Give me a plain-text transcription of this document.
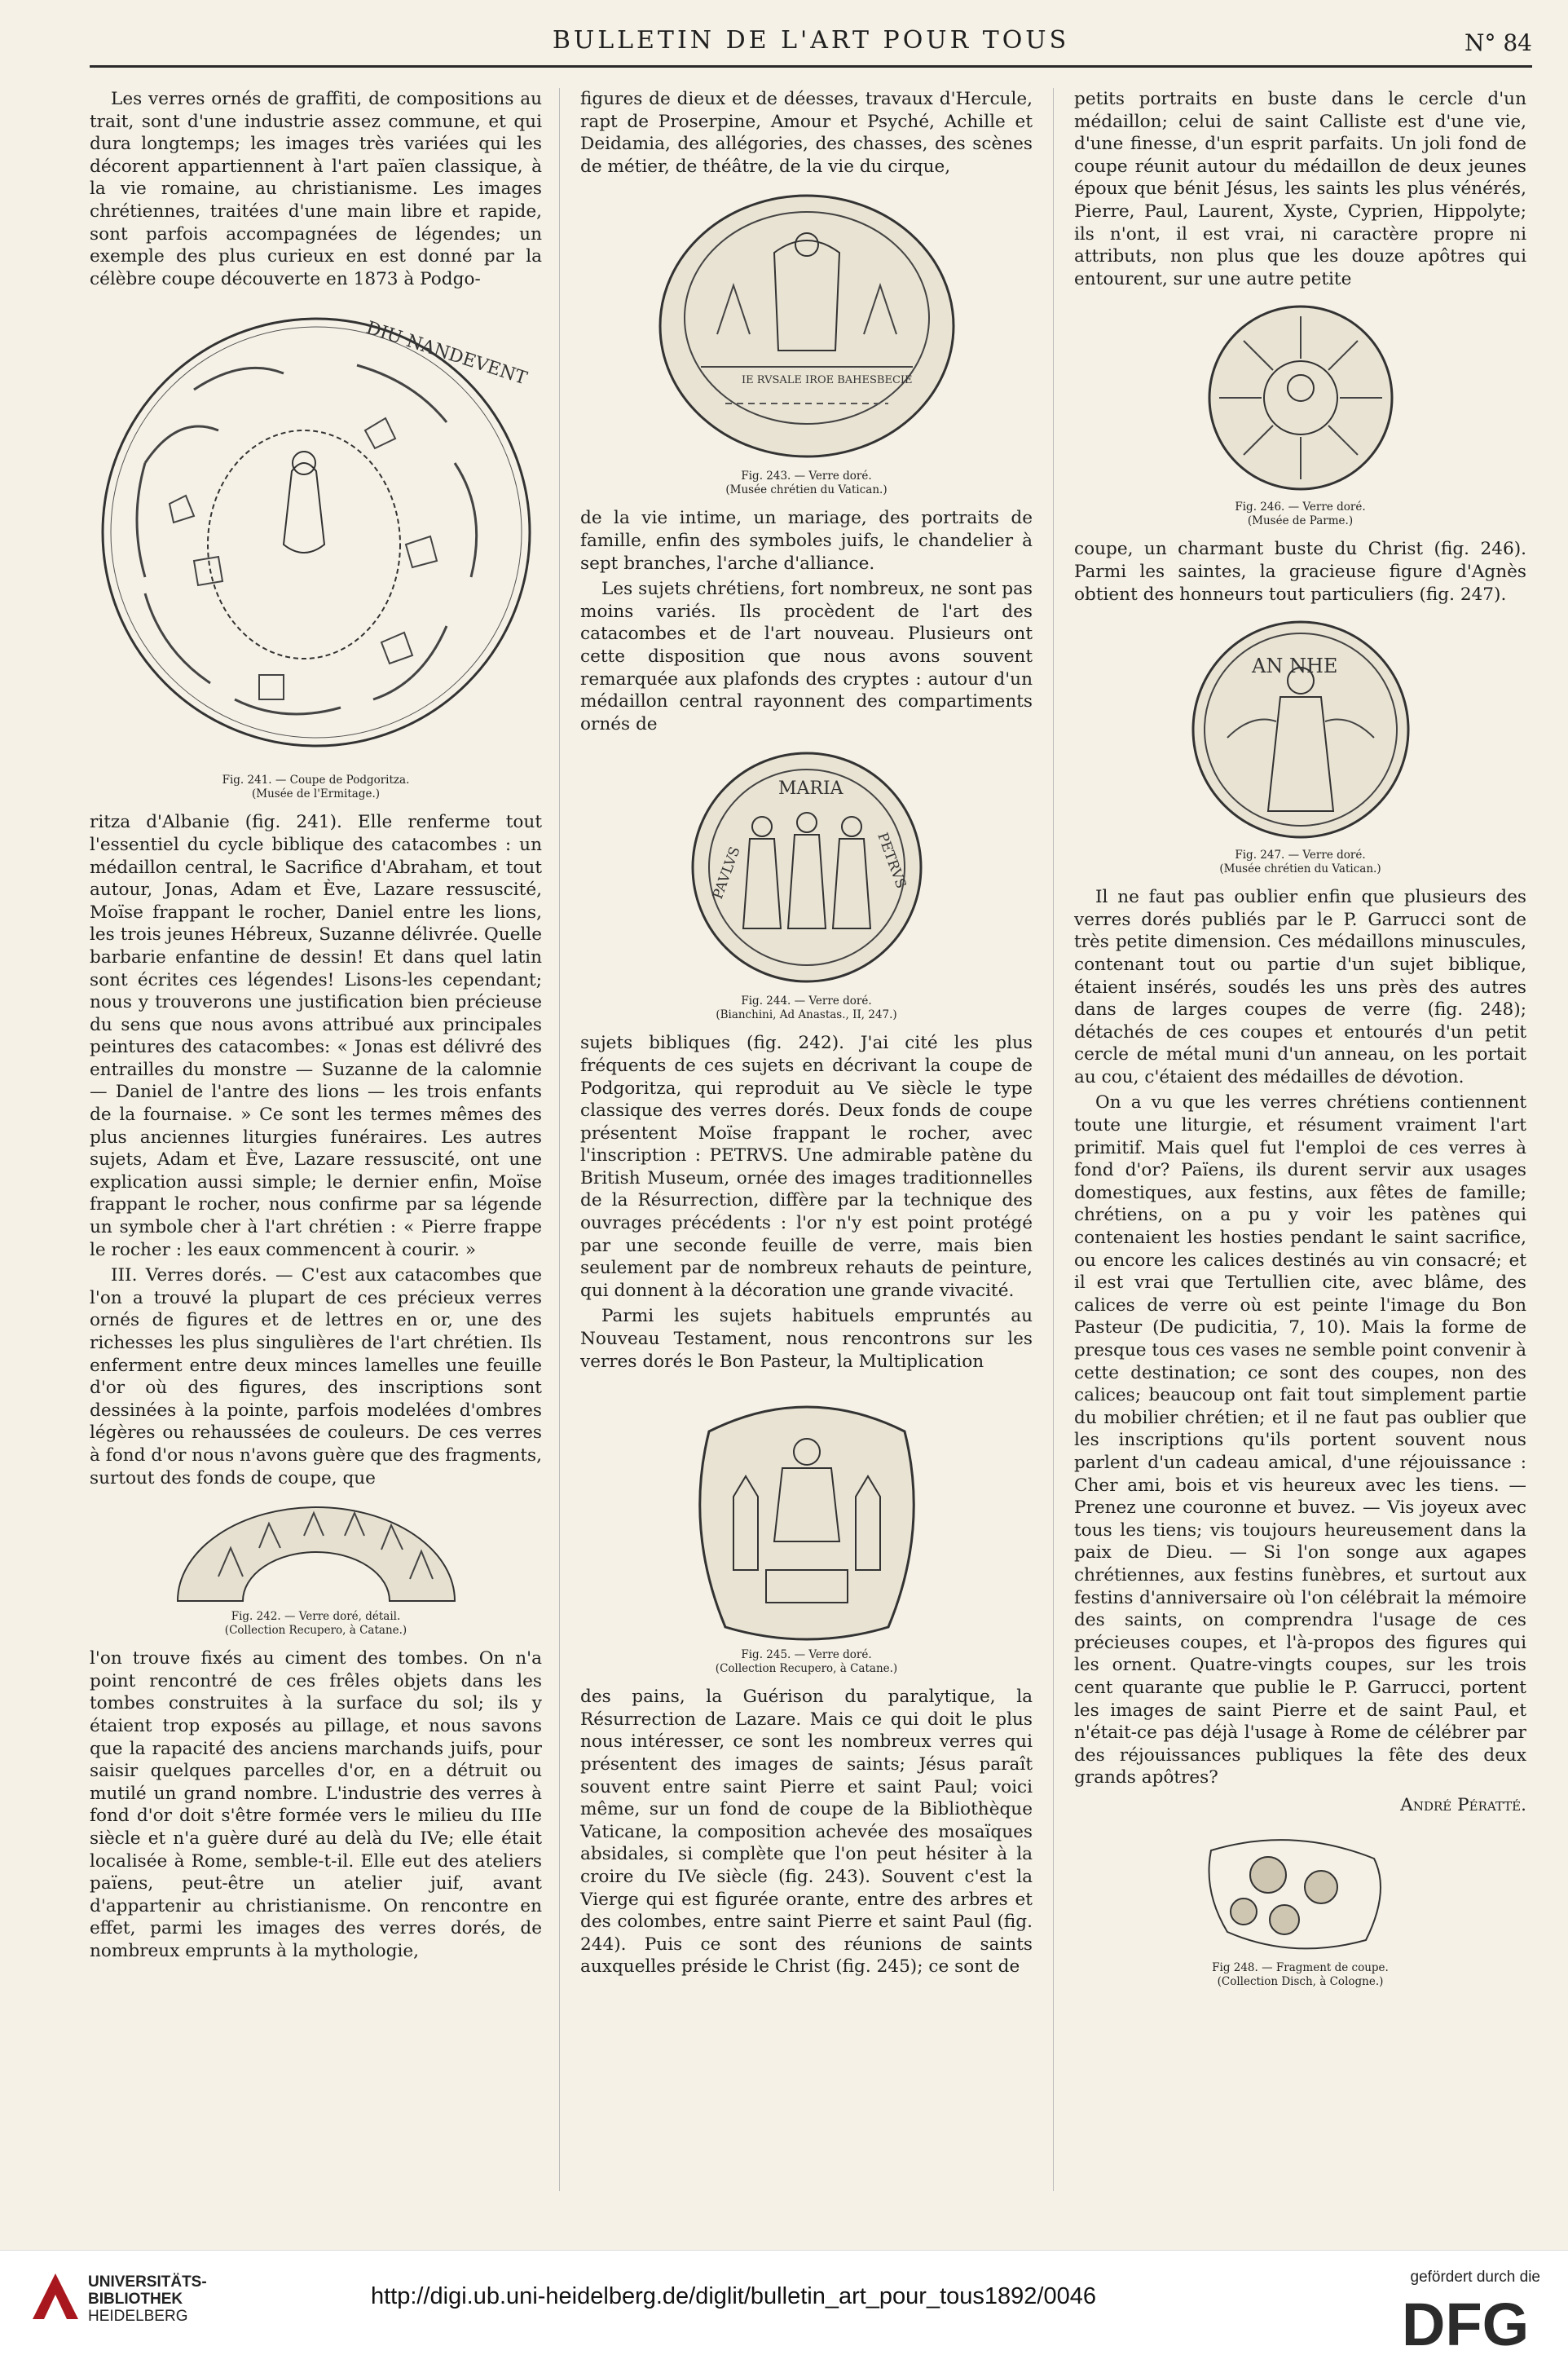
BULLETIN DE L'ART POUR TOUS	N° 84

Les verres ornés de graffiti, de compositions au trait, sont d'une industrie assez commune, et qui dura longtemps; les images très variées qui les décorent appartiennent à l'art païen classique, à la vie romaine, au christianisme. Les images chrétiennes, traitées d'une main libre et rapide, sont parfois accompagnées de légendes; un exemple des plus curieux en est donné par la célèbre coupe découverte en 1873 à Podgo-

DIU NANDEVENT
Fig. 241. — Coupe de Podgoritza.
(Musée de l'Ermitage.)

ritza d'Albanie (fig. 241). Elle renferme tout l'essentiel du cycle biblique des catacombes : un médaillon central, le Sacrifice d'Abraham, et tout autour, Jonas, Adam et Ève, Lazare ressuscité, Moïse frappant le rocher, Daniel entre les lions, les trois jeunes Hébreux, Suzanne délivrée. Quelle barbarie enfantine de dessin! Et dans quel latin sont écrites ces légendes! Lisons-les cependant; nous y trouverons une justification bien précieuse du sens que nous avons attribué aux principales peintures des catacombes: « Jonas est délivré des entrailles du monstre — Suzanne de la calomnie — Daniel de l'antre des lions — les trois enfants de la fournaise. » Ce sont les termes mêmes des plus anciennes liturgies funéraires. Les autres sujets, Adam et Ève, Lazare ressuscité, ont une explication aussi simple; le dernier enfin, Moïse frappant le rocher, nous confirme par sa légende un symbole cher à l'art chrétien : « Pierre frappe le rocher : les eaux commencent à courir. »

III. Verres dorés. — C'est aux catacombes que l'on a trouvé la plupart de ces précieux verres ornés de figures et de lettres en or, une des richesses les plus singulières de l'art chrétien. Ils enferment entre deux minces lamelles une feuille d'or où des figures, des inscriptions sont dessinées à la pointe, parfois modelées d'ombres légères ou rehaussées de couleurs. De ces verres à fond d'or nous n'avons guère que des fragments, surtout des fonds de coupe, que

Fig. 242. — Verre doré, détail.
(Collection Recupero, à Catane.)

l'on trouve fixés au ciment des tombes. On n'a point rencontré de ces frêles objets dans les tombes construites à la surface du sol; ils y étaient trop exposés au pillage, et nous savons que la rapacité des anciens marchands juifs, pour saisir quelques parcelles d'or, en a détruit ou mutilé un grand nombre. L'industrie des verres à fond d'or doit s'être formée vers le milieu du IIIe siècle et n'a guère duré au delà du IVe; elle était localisée à Rome, semble-t-il. Elle eut des ateliers païens, peut-être un atelier juif, avant d'appartenir au christianisme. On rencontre en effet, parmi les images des verres dorés, de nombreux emprunts à la mythologie,

figures de dieux et de déesses, travaux d'Hercule, rapt de Proserpine, Amour et Psyché, Achille et Deidamia, des allégories, des chasses, des scènes de métier, de théâtre, de la vie du cirque,

IE RVSALE IROE BAHESBECIE
Fig. 243. — Verre doré.
(Musée chrétien du Vatican.)

de la vie intime, un mariage, des portraits de famille, enfin des symboles juifs, le chandelier à sept branches, l'arche d'alliance.

Les sujets chrétiens, fort nombreux, ne sont pas moins variés. Ils procèdent de l'art des catacombes et de l'art nouveau. Plusieurs ont cette disposition que nous avons souvent remarquée aux plafonds des cryptes : autour d'un médaillon central rayonnent des compartiments ornés de

MARIA
PETRVS
PAVLVS
Fig. 244. — Verre doré.
(Bianchini, Ad Anastas., II, 247.)

sujets bibliques (fig. 242). J'ai cité les plus fréquents de ces sujets en décrivant la coupe de Podgoritza, qui reproduit au Ve siècle le type classique des verres dorés. Deux fonds de coupe présentent Moïse frappant le rocher, avec l'inscription : PETRVS. Une admirable patène du British Museum, ornée des images traditionnelles de la Résurrection, diffère par la technique des ouvrages précédents : l'or n'y est point protégé par une seconde feuille de verre, mais bien seulement par de nombreux rehauts de peinture, qui donnent à la décoration une grande vivacité.

Parmi les sujets habituels empruntés au Nouveau Testament, nous rencontrons sur les verres dorés le Bon Pasteur, la Multiplication

Fig. 245. — Verre doré.
(Collection Recupero, à Catane.)

des pains, la Guérison du paralytique, la Résurrection de Lazare. Mais ce qui doit le plus nous intéresser, ce sont les nombreux verres qui présentent des images de saints; Jésus paraît souvent entre saint Pierre et saint Paul; voici même, sur un fond de coupe de la Bibliothèque Vaticane, la composition achevée des mosaïques absidales, si complète que l'on peut hésiter à la croire du IVe siècle (fig. 243). Souvent c'est la Vierge qui est figurée orante, entre des arbres et des colombes, entre saint Pierre et saint Paul (fig. 244). Puis ce sont des réunions de saints auxquelles préside le Christ (fig. 245); ce sont de

petits portraits en buste dans le cercle d'un médaillon; celui de saint Calliste est d'une vie, d'une finesse, d'un esprit parfaits. Un joli fond de coupe réunit autour du médaillon de deux jeunes époux que bénit Jésus, les saints les plus vénérés, Pierre, Paul, Laurent, Xyste, Cyprien, Hippolyte; ils n'ont, il est vrai, ni caractère propre ni attributs, non plus que les douze apôtres qui entourent, sur une autre petite

Fig. 246. — Verre doré.
(Musée de Parme.)

coupe, un charmant buste du Christ (fig. 246). Parmi les saintes, la gracieuse figure d'Agnès obtient des honneurs tout particuliers (fig. 247).

AN NHE
Fig. 247. — Verre doré.
(Musée chrétien du Vatican.)

Il ne faut pas oublier enfin que plusieurs des verres dorés publiés par le P. Garrucci sont de très petite dimension. Ces médaillons minuscules, contenant tout ou partie d'un sujet biblique, étaient insérés, soudés les uns près des autres dans de larges coupes de verre (fig. 248); détachés de ces coupes et entourés d'un petit cercle de métal muni d'un anneau, on les portait au cou, c'étaient des médailles de dévotion.

On a vu que les verres chrétiens contiennent toute une liturgie, et résument vraiment l'art primitif. Mais quel fut l'emploi de ces verres à fond d'or? Païens, ils durent servir aux usages domestiques, aux festins, aux fêtes de famille; chrétiens, on a pu y voir les patènes qui contenaient les hosties pendant le saint sacrifice, ou encore les calices destinés au vin consacré; et il est vrai que Tertullien cite, avec blâme, des calices de verre où est peinte l'image du Bon Pasteur (De pudicitia, 7, 10). Mais la forme de presque tous ces vases ne semble point convenir à cette destination; ce sont des coupes, non des calices; beaucoup ont fait tout simplement partie du mobilier chrétien; et il ne faut pas oublier que les inscriptions qu'ils portent souvent nous parlent d'un cadeau amical, d'une réjouissance : Cher ami, bois et vis heureux avec les tiens. — Prenez une couronne et buvez. — Vis joyeux avec tous les tiens; vis toujours heureusement dans la paix de Dieu. — Si l'on songe aux agapes chrétiennes, aux festins funèbres, et surtout aux festins d'anniversaire où l'on célébrait la mémoire des saints, on comprendra l'usage de ces précieuses coupes, et l'à-propos des figures qui les ornent. Quatre-vingts coupes, sur les trois cent quarante que publie le P. Garrucci, portent les images de saint Pierre et de saint Paul, et n'était-ce pas déjà l'usage à Rome de célébrer par des réjouissances publiques la fête des deux grands apôtres?

André Pératté.
Fig 248. — Fragment de coupe.
(Collection Disch, à Cologne.)
UNIVERSITÄTS-
BIBLIOTHEK
HEIDELBERG
http://digi.ub.uni-heidelberg.de/diglit/bulletin_art_pour_tous1892/0046
gefördert durch die
DFG
